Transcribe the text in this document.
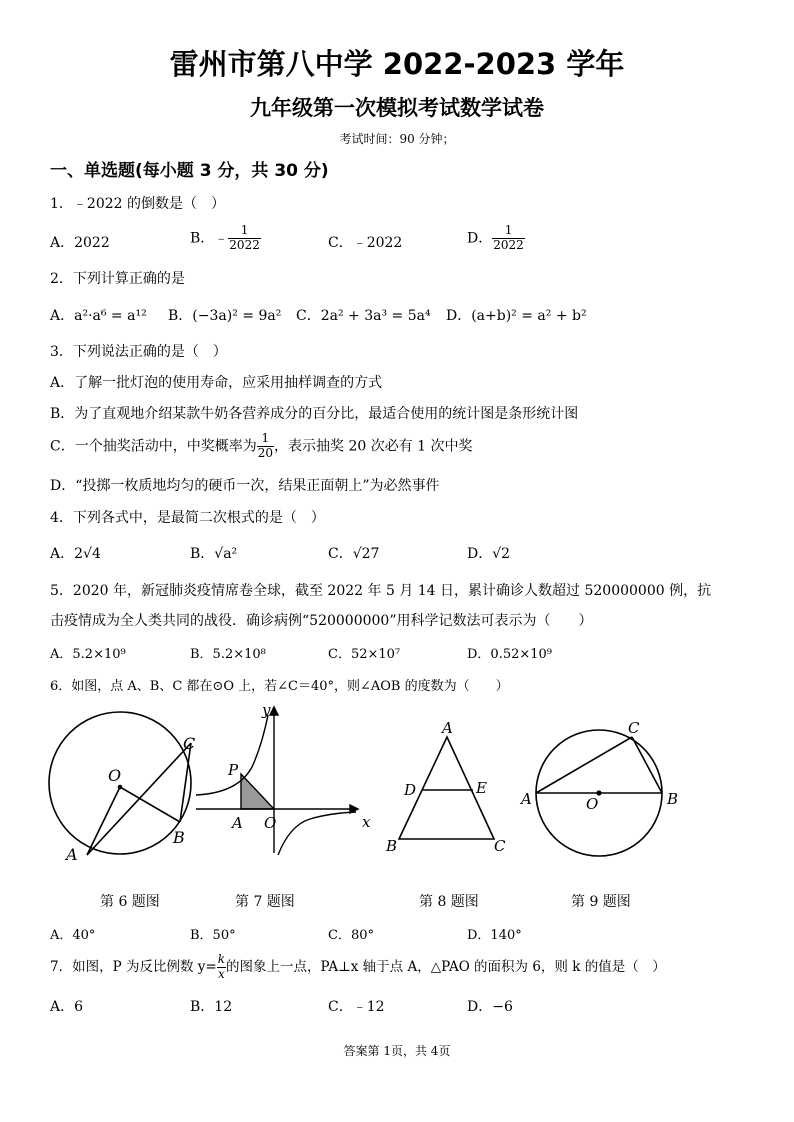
雷州市第八中学 2022-2023 学年
九年级第一次模拟考试数学试卷
考试时间：90 分钟；
一、单选题(每小题 3 分，共 30 分)
1．﹣2022 的倒数是（　）
A．2022	B．﹣ $\frac{1}{2022}$	C．﹣2022	D． $\frac{1}{2022}$
2．下列计算正确的是
A．a²·a⁶ = a¹² B．(−3a)² = 9a² C．2a² + 3a³ = 5a⁴ D．(a+b)² = a² + b²
3．下列说法正确的是（　）
A．了解一批灯泡的使用寿命，应采用抽样调查的方式
B．为了直观地介绍某款牛奶各营养成分的百分比，最适合使用的统计图是条形统计图
C．一个抽奖活动中，中奖概率为 $\frac{1}{20}$ ，表示抽奖 20 次必有 1 次中奖
D．“投掷一枚质地均匀的硬币一次，结果正面朝上”为必然事件
4．下列各式中，是最简二次根式的是（　）
A．2√4	B．√a²	C．√27	D．√2
5．2020 年，新冠肺炎疫情席卷全球，截至 2022 年 5 月 14 日，累计确诊人数超过 520000000 例，抗
击疫情成为全人类共同的战役．确诊病例“520000000”用科学记数法可表示为（　　）
A．5.2×10⁹	B．5.2×10⁸	C．52×10⁷	D．0.52×10⁹
6．如图，点 A、B、C 都在⊙O 上，若∠C＝40°，则∠AOB 的度数为（　　）
O
C
B
A
y
x
P
A O
A
D	E
B	C
A	B
C
O
第 6 题图	第 7 题图	第 8 题图	第 9 题图
A．40°	B．50°	C．80°	D．140°
7．如图，P 为反比例数 $y= \frac{k}{x}$ 的图象上一点，PA⊥x 轴于点 A，△PAO 的面积为 6，则 k 的值是（　）
A．6	B．12	C．﹣12	D．−6
答案第 1页，共 4页
